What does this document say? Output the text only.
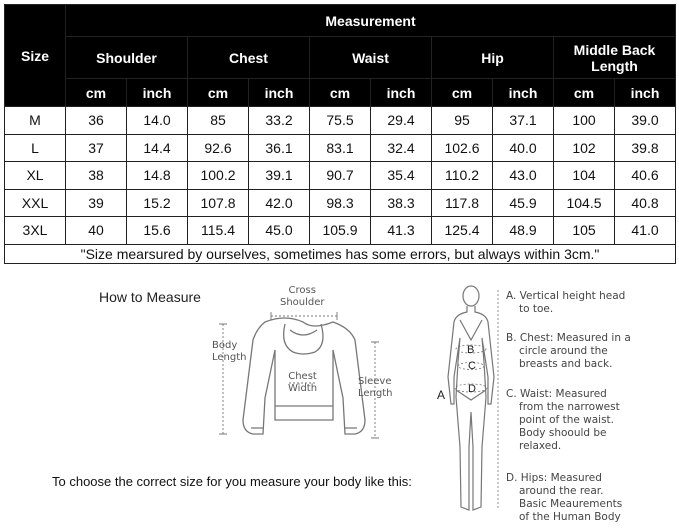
Size	Measurement									
	Shoulder		Chest		Waist		Hip		Middle Back Length	
	cm	inch	cm	inch	cm	inch	cm	inch	cm	inch
M	36	14.0	85	33.2	75.5	29.4	95	37.1	100	39.0
L	37	14.4	92.6	36.1	83.1	32.4	102.6	40.0	102	39.8
XL	38	14.8	100.2	39.1	90.7	35.4	110.2	43.0	104	40.6
XXL	39	15.2	107.8	42.0	98.3	38.3	117.8	45.9	104.5	40.8
3XL	40	15.6	115.4	45.0	105.9	41.3	125.4	48.9	105	41.0
"Size mearsured by ourselves, sometimes has some errors, but always within 3cm."										
How to Measure	Cross
Shoulder
Body
Length
Chest
Width
Sleeve
Length
To choose the correct size for you measure your body like this:
A
B
C
D
A. Vertical height head
to toe.
B. Chest: Measured in a
circle around the
breasts and back.
C. Waist: Measured
from the narrowest
point of the waist.
Body shoould be
relaxed.
D. Hips: Measured
around the rear.
Basic Meaurements
of the Human Body
